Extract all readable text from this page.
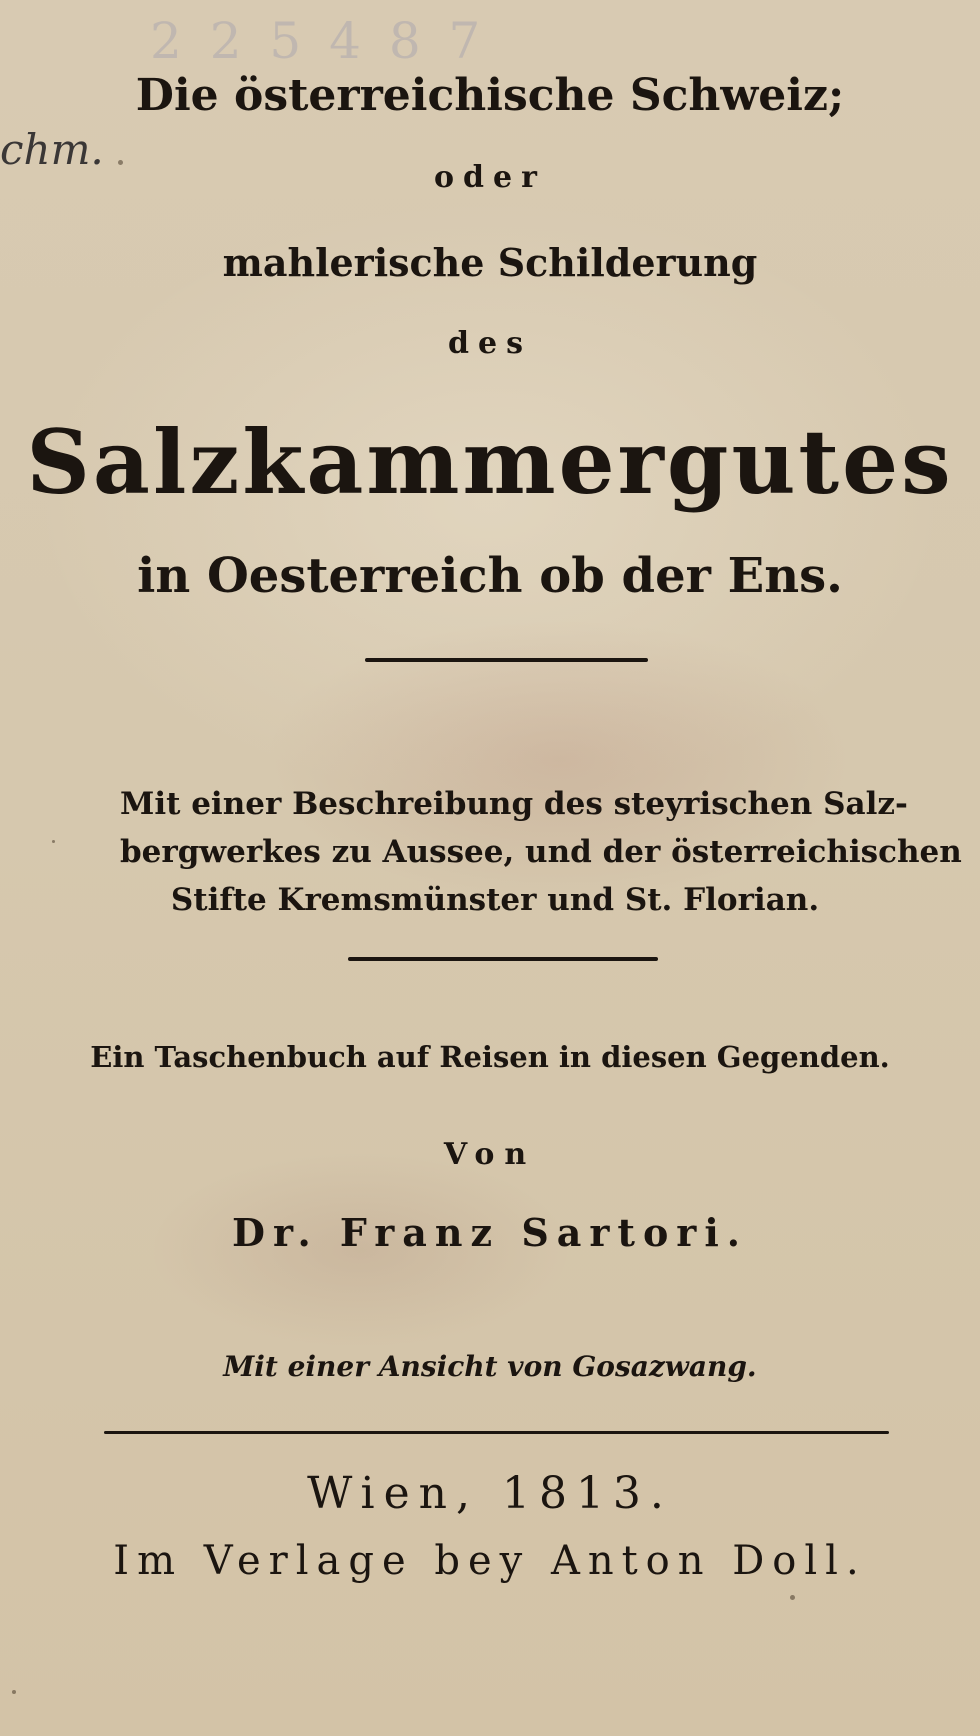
2 2 5 4 8 7
chm.
Die österreichische Schweiz;
oder
mahlerische Schilderung
des
Salzkammergutes
in Oesterreich ob der Ens.
Mit einer Beschreibung des steyrischen Salz-
bergwerkes zu Aussee, und der österreichischen
Stifte Kremsmünster und St. Florian.
Ein Taschenbuch auf Reisen in diesen Gegenden.
Von
Dr. Franz Sartori.
Mit einer Ansicht von Gosazwang.
Wien, 1813.
Im Verlage bey Anton Doll.
